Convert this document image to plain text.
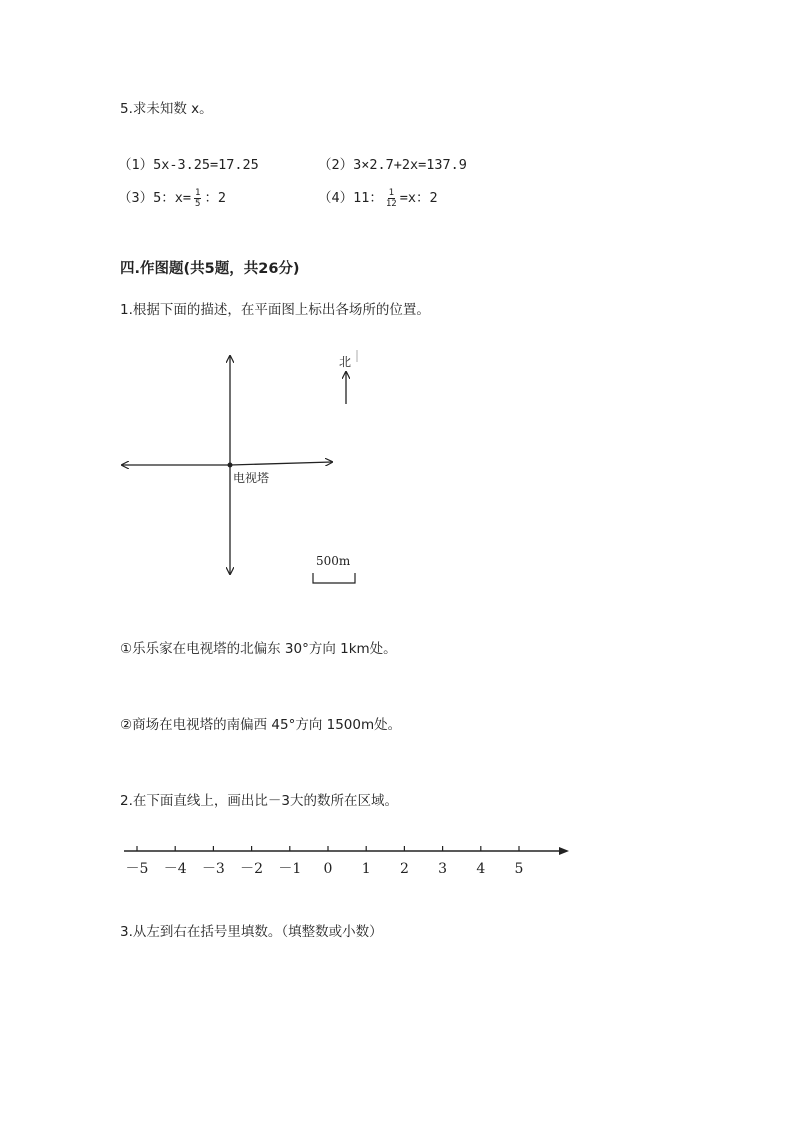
5.求未知数 x。
（1）5x-3.25=17.25	（2）3×2.7+2x=137.9
（3）5：$x= \frac{1}{5}$ ：2	（4）11： $\frac{1}{12} =x$：2
四.作图题(共5题，共26分)
1.根据下面的描述，在平面图上标出各场所的位置。
电视塔
北
500m
①乐乐家在电视塔的北偏东 30°方向 1km处。
②商场在电视塔的南偏西 45°方向 1500m处。
2.在下面直线上，画出比－3大的数所在区域。
－5 －4 －3 －2 －1 0 1 2 3 4 5
3.从左到右在括号里填数。（填整数或小数）
